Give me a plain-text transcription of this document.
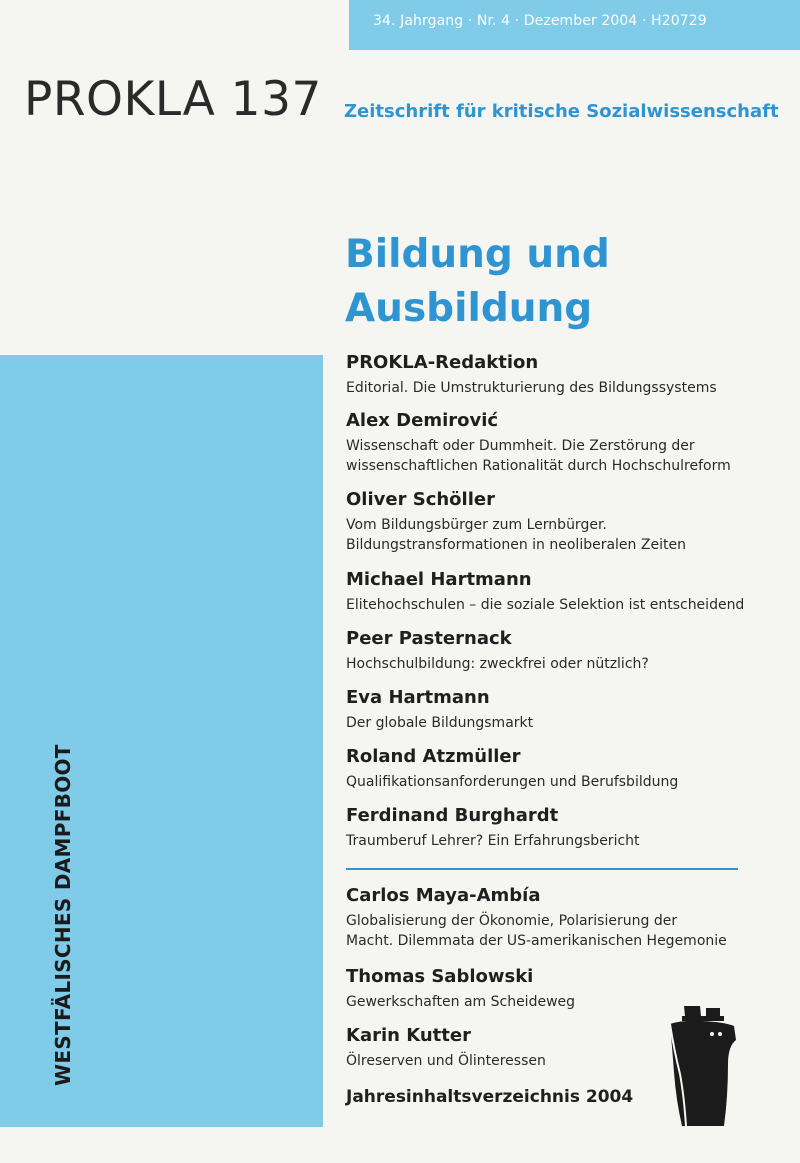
34. Jahrgang · Nr. 4 · Dezember 2004 · H20729
PROKLA 137 Zeitschrift für kritische Sozialwissenschaft
Bildung und
Ausbildung
WESTFÄLISCHES DAMPFBOOT
PROKLA-Redaktion
Editorial. Die Umstrukturierung des Bildungssystems
Alex Demirović
Wissenschaft oder Dummheit. Die Zerstörung der
wissenschaftlichen Rationalität durch Hochschulreform
Oliver Schöller
Vom Bildungsbürger zum Lernbürger.
Bildungstransformationen in neoliberalen Zeiten
Michael Hartmann
Elitehochschulen – die soziale Selektion ist entscheidend
Peer Pasternack
Hochschulbildung: zweckfrei oder nützlich?
Eva Hartmann
Der globale Bildungsmarkt
Roland Atzmüller
Qualifikationsanforderungen und Berufsbildung
Ferdinand Burghardt
Traumberuf Lehrer? Ein Erfahrungsbericht
Carlos Maya-Ambía
Globalisierung der Ökonomie, Polarisierung der
Macht. Dilemmata der US-amerikanischen Hegemonie
Thomas Sablowski
Gewerkschaften am Scheideweg
Karin Kutter
Ölreserven und Ölinteressen
Jahresinhaltsverzeichnis 2004
